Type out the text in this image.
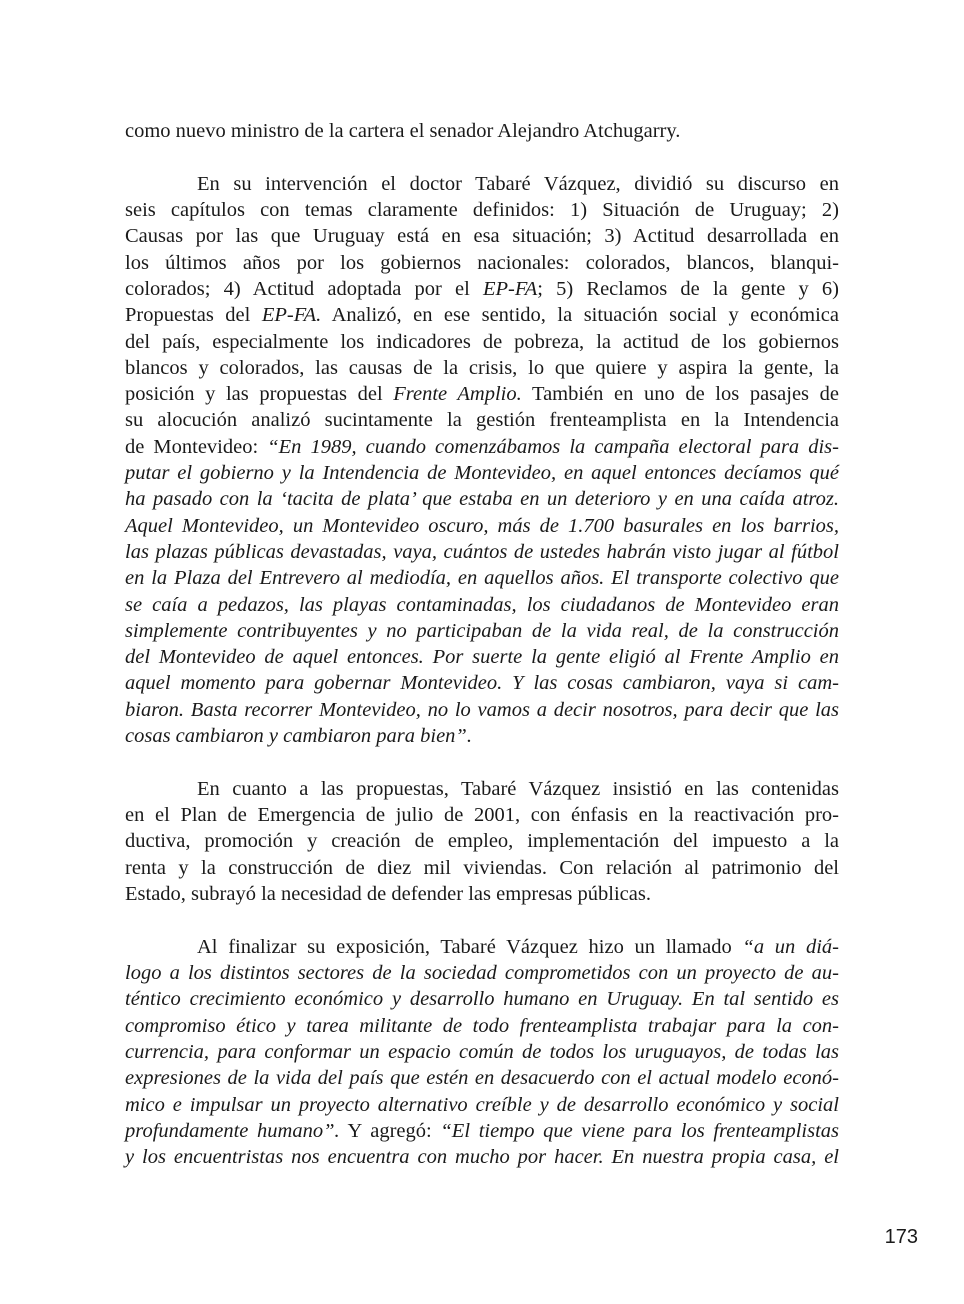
como nuevo ministro de la cartera el senador Alejandro Atchugarry.
En su intervención el doctor Tabaré Vázquez, dividió su discurso en
seis capítulos con temas claramente definidos: 1) Situación de Uruguay; 2)
Causas por las que Uruguay está en esa situación; 3) Actitud desarrollada en
los últimos años por los gobiernos nacionales: colorados, blancos, blanqui-
colorados; 4) Actitud adoptada por el EP-FA; 5) Reclamos de la gente y 6)
Propuestas del EP-FA. Analizó, en ese sentido, la situación social y económica
del país, especialmente los indicadores de pobreza, la actitud de los gobiernos
blancos y colorados, las causas de la crisis, lo que quiere y aspira la gente, la
posición y las propuestas del Frente Amplio. También en uno de los pasajes de
su alocución analizó sucintamente la gestión frenteamplista en la Intendencia
de Montevideo: “En 1989, cuando comenzábamos la campaña electoral para dis-
putar el gobierno y la Intendencia de Montevideo, en aquel entonces decíamos qué
ha pasado con la ‘tacita de plata’ que estaba en un deterioro y en una caída atroz.
Aquel Montevideo, un Montevideo oscuro, más de 1.700 basurales en los barrios,
las plazas públicas devastadas, vaya, cuántos de ustedes habrán visto jugar al fútbol
en la Plaza del Entrevero al mediodía, en aquellos años. El transporte colectivo que
se caía a pedazos, las playas contaminadas, los ciudadanos de Montevideo eran
simplemente contribuyentes y no participaban de la vida real, de la construcción
del Montevideo de aquel entonces. Por suerte la gente eligió al Frente Amplio en
aquel momento para gobernar Montevideo. Y las cosas cambiaron, vaya si cam-
biaron. Basta recorrer Montevideo, no lo vamos a decir nosotros, para decir que las
cosas cambiaron y cambiaron para bien”.
En cuanto a las propuestas, Tabaré Vázquez insistió en las contenidas
en el Plan de Emergencia de julio de 2001, con énfasis en la reactivación pro-
ductiva, promoción y creación de empleo, implementación del impuesto a la
renta y la construcción de diez mil viviendas. Con relación al patrimonio del
Estado, subrayó la necesidad de defender las empresas públicas.
Al finalizar su exposición, Tabaré Vázquez hizo un llamado “a un diá-
logo a los distintos sectores de la sociedad comprometidos con un proyecto de au-
téntico crecimiento económico y desarrollo humano en Uruguay. En tal sentido es
compromiso ético y tarea militante de todo frenteamplista trabajar para la con-
currencia, para conformar un espacio común de todos los uruguayos, de todas las
expresiones de la vida del país que estén en desacuerdo con el actual modelo econó-
mico e impulsar un proyecto alternativo creíble y de desarrollo económico y social
profundamente humano”. Y agregó: “El tiempo que viene para los frenteamplistas
y los encuentristas nos encuentra con mucho por hacer. En nuestra propia casa, el
173
